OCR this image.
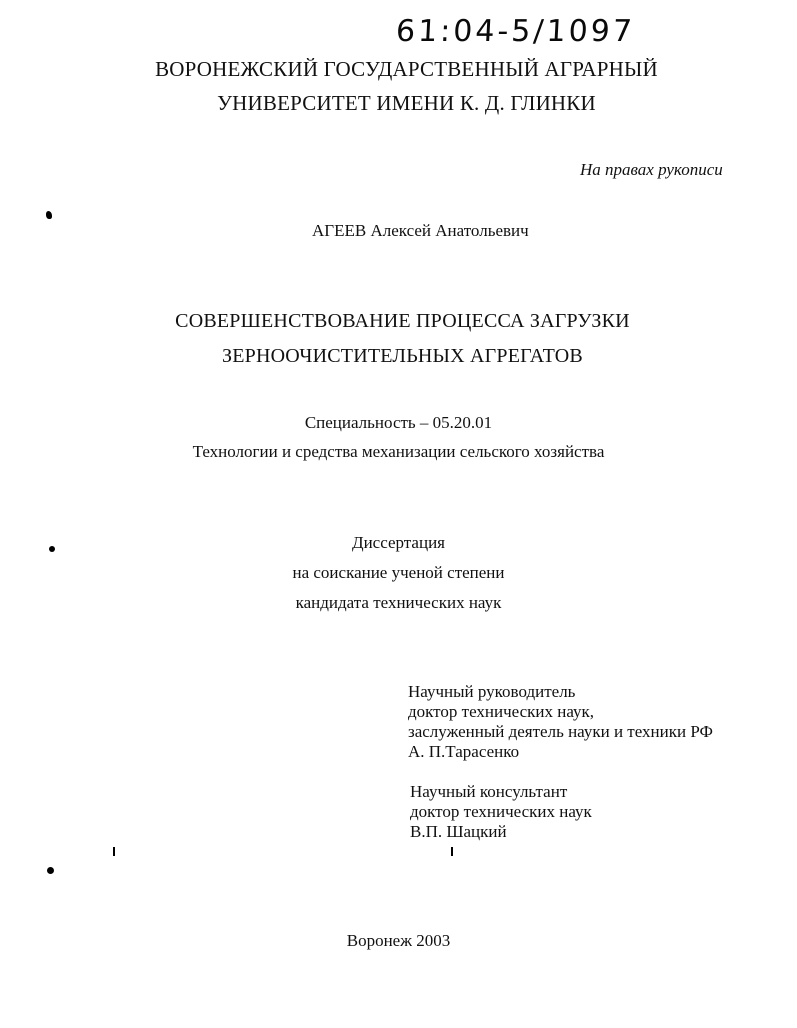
61:04-5/1097
ВОРОНЕЖСКИЙ ГОСУДАРСТВЕННЫЙ АГРАРНЫЙ
УНИВЕРСИТЕТ ИМЕНИ К. Д. ГЛИНКИ
На правах рукописи
АГЕЕВ Алексей Анатольевич
СОВЕРШЕНСТВОВАНИЕ ПРОЦЕССА ЗАГРУЗКИ
ЗЕРНООЧИСТИТЕЛЬНЫХ АГРЕГАТОВ
Специальность – 05.20.01
Технологии и средства механизации сельского хозяйства
Диссертация
на соискание ученой степени
кандидата технических наук
Научный руководитель
доктор технических наук,
заслуженный деятель науки и техники РФ
А. П.Тарасенко
Научный консультант
доктор технических наук
В.П. Шацкий
Воронеж 2003
